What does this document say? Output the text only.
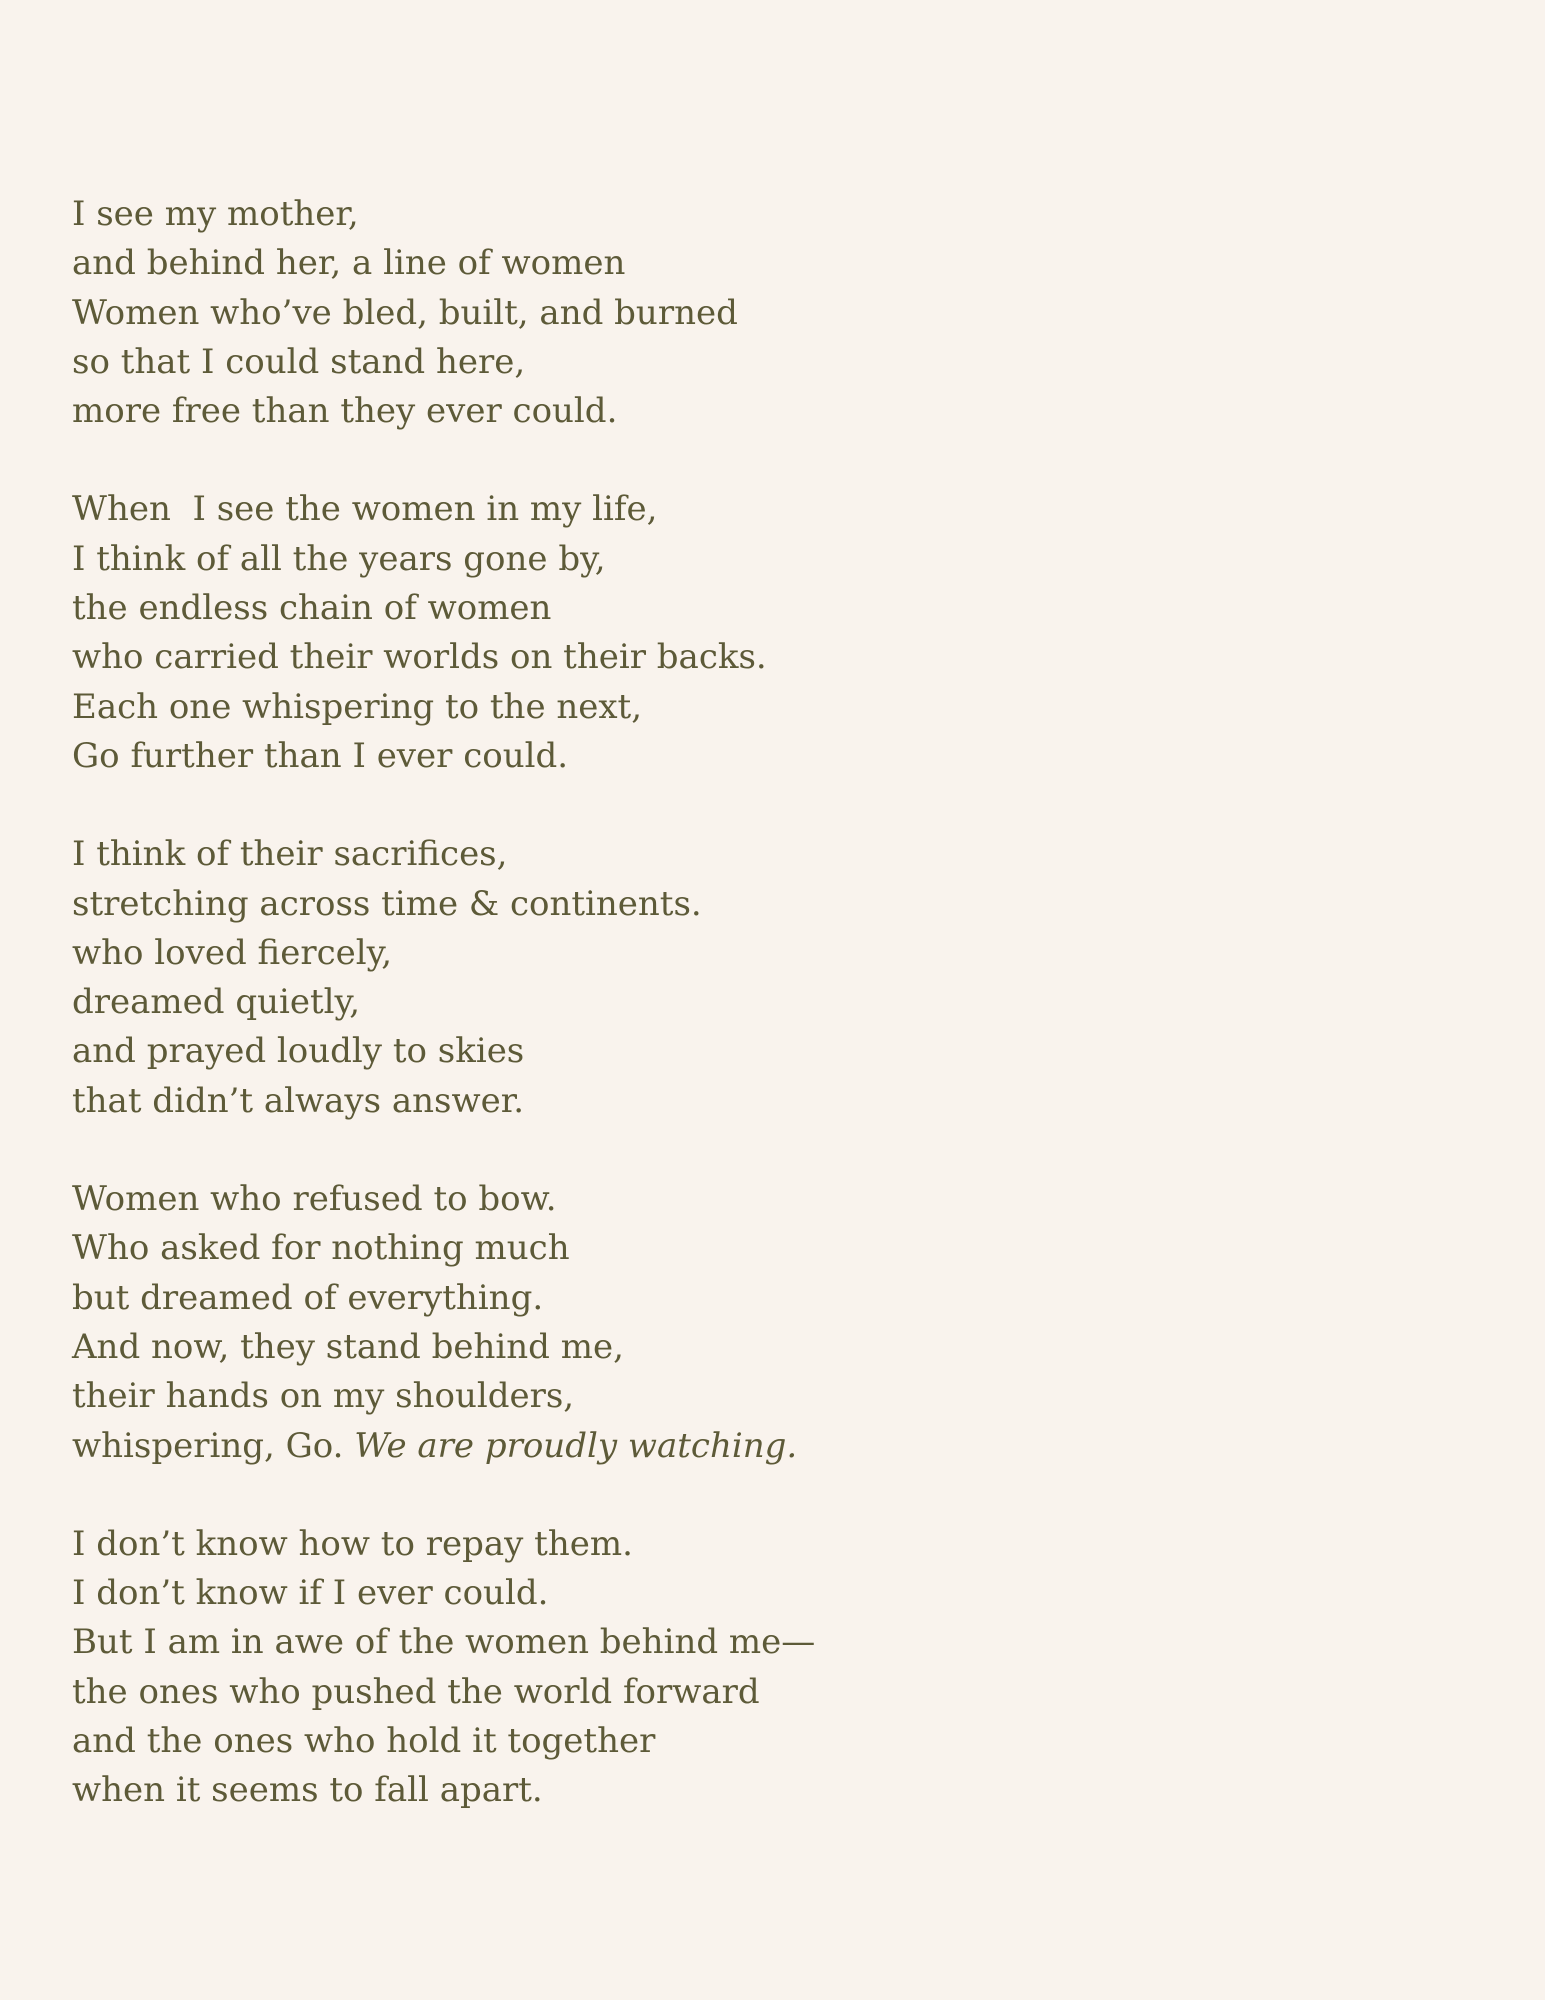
I see my mother,
and behind her, a line of women
Women who’ve bled, built, and burned
so that I could stand here,
more free than they ever could.
When  I see the women in my life,
I think of all the years gone by,
the endless chain of women
who carried their worlds on their backs.
Each one whispering to the next,
Go further than I ever could.
I think of their sacrifices,
stretching across time & continents.
who loved fiercely,
dreamed quietly,
and prayed loudly to skies
that didn’t always answer.
Women who refused to bow.
Who asked for nothing much
but dreamed of everything.
And now, they stand behind me,
their hands on my shoulders,
whispering, Go. We are proudly watching.
I don’t know how to repay them.
I don’t know if I ever could.
But I am in awe of the women behind me—
the ones who pushed the world forward
and the ones who hold it together
when it seems to fall apart.
